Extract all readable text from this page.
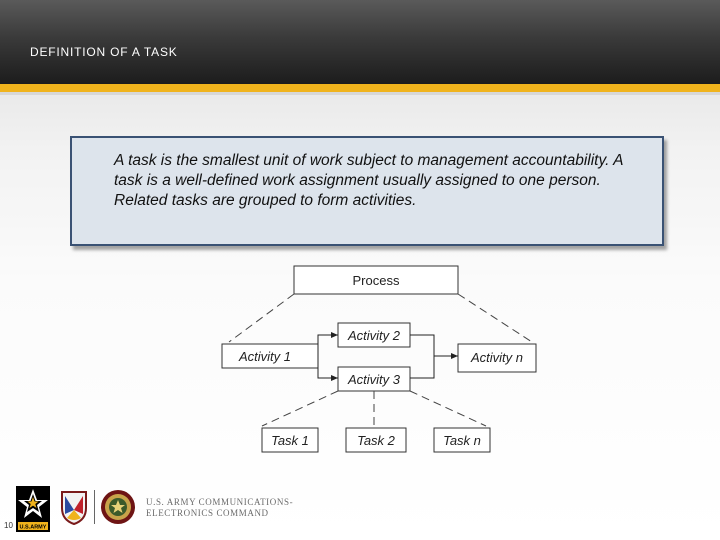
DEFINITION OF A TASK
A task is the smallest unit of work subject to management accountability. A task is a well-defined work assignment usually assigned to one person. Related tasks are grouped to form activities.
Process
Activity 1
Activity 2
Activity 3
Activity n
Task 1	Task 2	Task n
10 U.S.ARMY
U.S. ARMY COMMUNICATIONS-
ELECTRONICS COMMAND
